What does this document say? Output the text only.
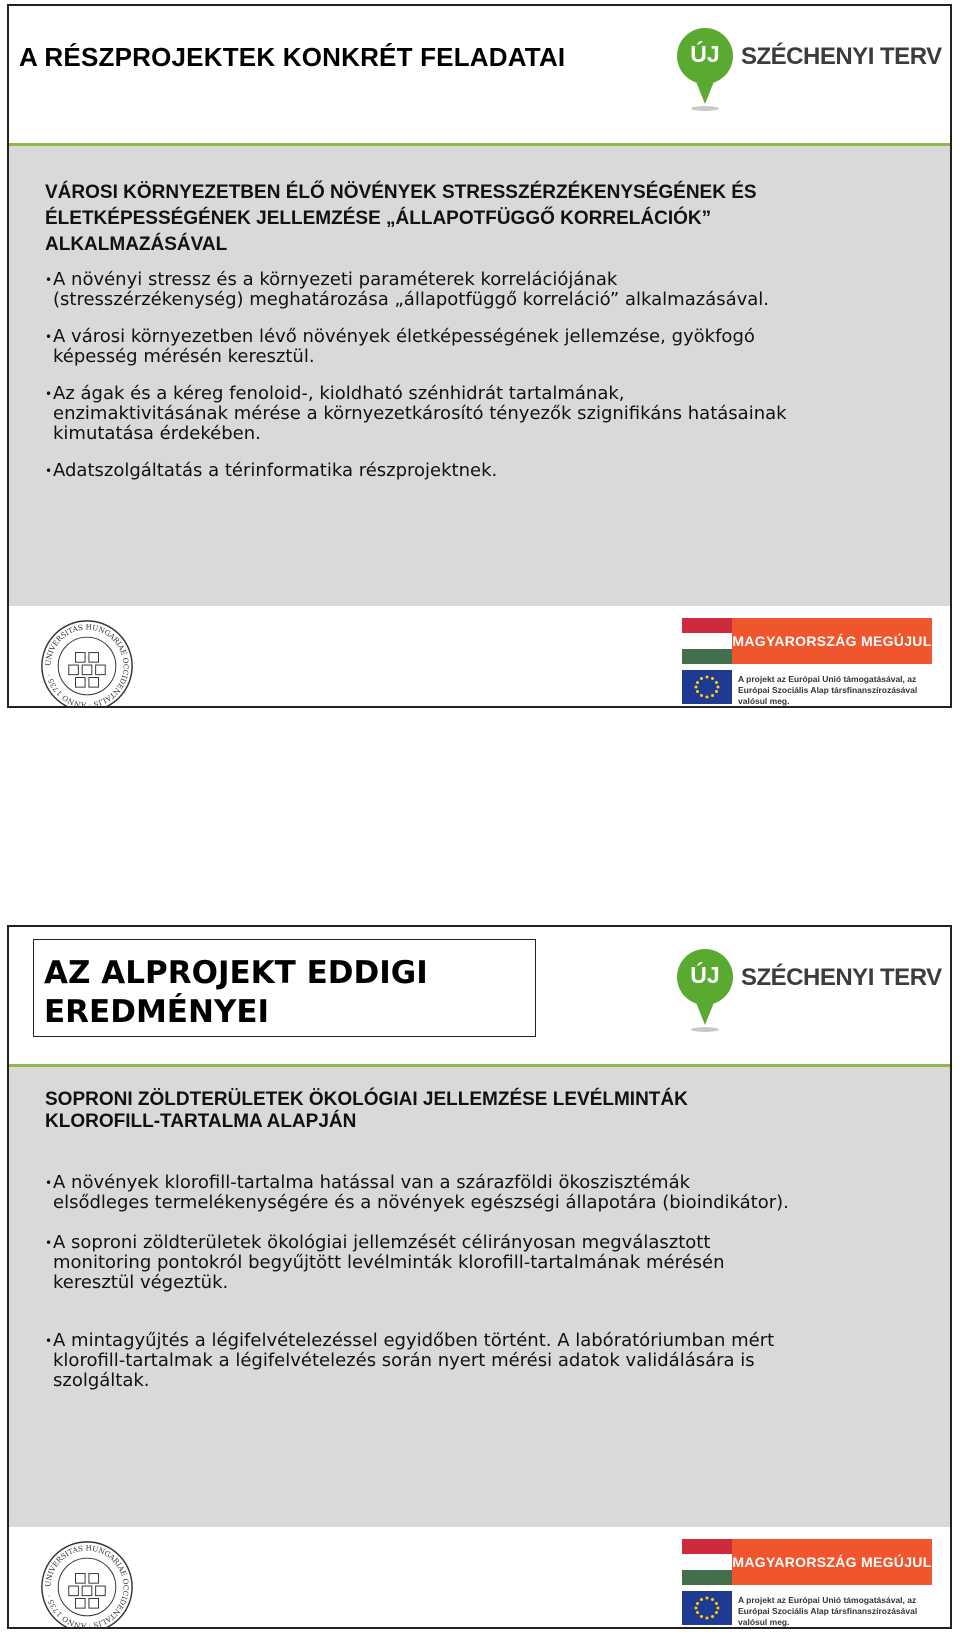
A RÉSZPROJEKTEK KONKRÉT FELADATAI	ÚJ SZÉCHENYI TERV
VÁROSI KÖRNYEZETBEN ÉLŐ NÖVÉNYEK STRESSZÉRZÉKENYSÉGÉNEK ÉS
ÉLETKÉPESSÉGÉNEK JELLEMZÉSE „ÁLLAPOTFÜGGŐ KORRELÁCIÓK”
ALKALMAZÁSÁVAL
• A növényi stressz és a környezeti paraméterek korrelációjának
(stresszérzékenység) meghatározása „állapotfüggő korreláció” alkalmazásával.
• A városi környezetben lévő növények életképességének jellemzése, gyökfogó
képesség mérésén keresztül.
• Az ágak és a kéreg fenoloid-, kioldható szénhidrát tartalmának,
enzimaktivitásának mérése a környezetkárosító tényezők szignifikáns hatásainak
kimutatása érdekében.
• Adatszolgáltatás a térinformatika részprojektnek.
UNIVERSITAS HUNGARIAE OCCIDENTALIS · ANNO 1735 ·
MAGYARORSZÁG MEGÚJUL
A projekt az Európai Unió támogatásával, az Európai Szociális Alap társfinanszírozásával valósul meg.
AZ ALPROJEKT EDDIGI
EREDMÉNYEI
ÚJ SZÉCHENYI TERV
SOPRONI ZÖLDTERÜLETEK ÖKOLÓGIAI JELLEMZÉSE LEVÉLMINTÁK
KLOROFILL-TARTALMA ALAPJÁN
• A növények klorofill-tartalma hatással van a szárazföldi ökoszisztémák
elsődleges termelékenységére és a növények egészségi állapotára (bioindikátor).
• A soproni zöldterületek ökológiai jellemzését célirányosan megválasztott
monitoring pontokról begyűjtött levélminták klorofill-tartalmának mérésén
keresztül végeztük.
• A mintagyűjtés a légifelvételezéssel egyidőben történt. A labóratóriumban mért
klorofill-tartalmak a légifelvételezés során nyert mérési adatok validálására is
szolgáltak.
UNIVERSITAS HUNGARIAE OCCIDENTALIS · ANNO 1735 ·
MAGYARORSZÁG MEGÚJUL
A projekt az Európai Unió támogatásával, az Európai Szociális Alap társfinanszírozásával valósul meg.
